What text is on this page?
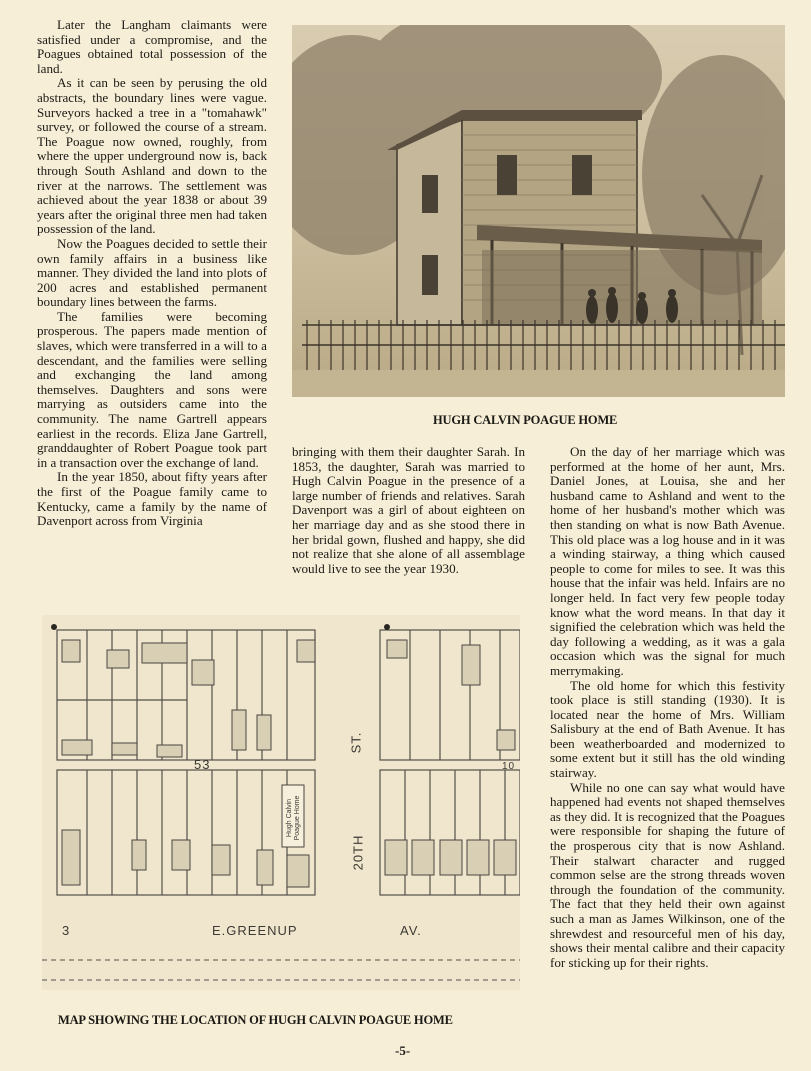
Later the Langham claimants were satisfied under a compromise, and the Poagues obtained total possession of the land.

As it can be seen by perusing the old abstracts, the boundary lines were vague. Surveyors hacked a tree in a "tomahawk" survey, or followed the course of a stream. The Poague now owned, roughly, from where the upper underground now is, back through South Ashland and down to the river at the narrows. The settlement was achieved about the year 1838 or about 39 years after the original three men had taken possession of the land.

Now the Poagues decided to settle their own family affairs in a business like manner. They divided the land into plots of 200 acres and established permanent boundary lines between the farms.

The families were becoming prosperous. The papers made mention of slaves, which were transferred in a will to a descendant, and the families were selling and exchanging the land among themselves. Daughters and sons were marrying as outsiders came into the community. The name Gartrell appears earliest in the records. Eliza Jane Gartrell, granddaughter of Robert Poague took part in a transaction over the exchange of land.

In the year 1850, about fifty years after the first of the Poague family came to Kentucky, came a family by the name of Davenport across from Virginia

HUGH CALVIN POAGUE HOME

bringing with them their daughter Sarah. In 1853, the daughter, Sarah was married to Hugh Calvin Poague in the presence of a large number of friends and relatives. Sarah Davenport was a girl of about eighteen on her marriage day and as she stood there in her bridal gown, flushed and happy, she did not realize that she alone of all assemblage would live to see the year 1930.

On the day of her marriage which was performed at the home of her aunt, Mrs. Daniel Jones, at Louisa, she and her husband came to Ashland and went to the home of her husband's mother which was then standing on what is now Bath Avenue. This old place was a log house and in it was a winding stairway, a thing which caused people to come for miles to see. It was this house that the infair was held. Infairs are no longer held. In fact very few people today know what the word means. In that day it signified the celebration which was held the day following a wedding, as it was a gala occasion which was the signal for much merrymaking.

The old home for which this festivity took place is still standing (1930). It is located near the home of Mrs. William Salisbury at the end of Bath Avenue. It has been weatherboarded and modernized to some extent but it still has the old winding stairway.

While no one can say what would have happened had events not shaped themselves as they did. It is recognized that the Poagues were responsible for shaping the future of the prosperous city that is now Ashland. Their stalwart character and rugged common selse are the strong threads woven through the foundation of the community. The fact that they held their own against such a man as James Wilkinson, one of the shrewdest and resourceful men of his day, shows their mental calibre and their capacity for sticking up for their rights.

53
ST.
20TH
E.GREENUP	AV.
10
3
Hugh Calvin Poague Home
MAP SHOWING THE LOCATION OF HUGH CALVIN POAGUE HOME
-5-
